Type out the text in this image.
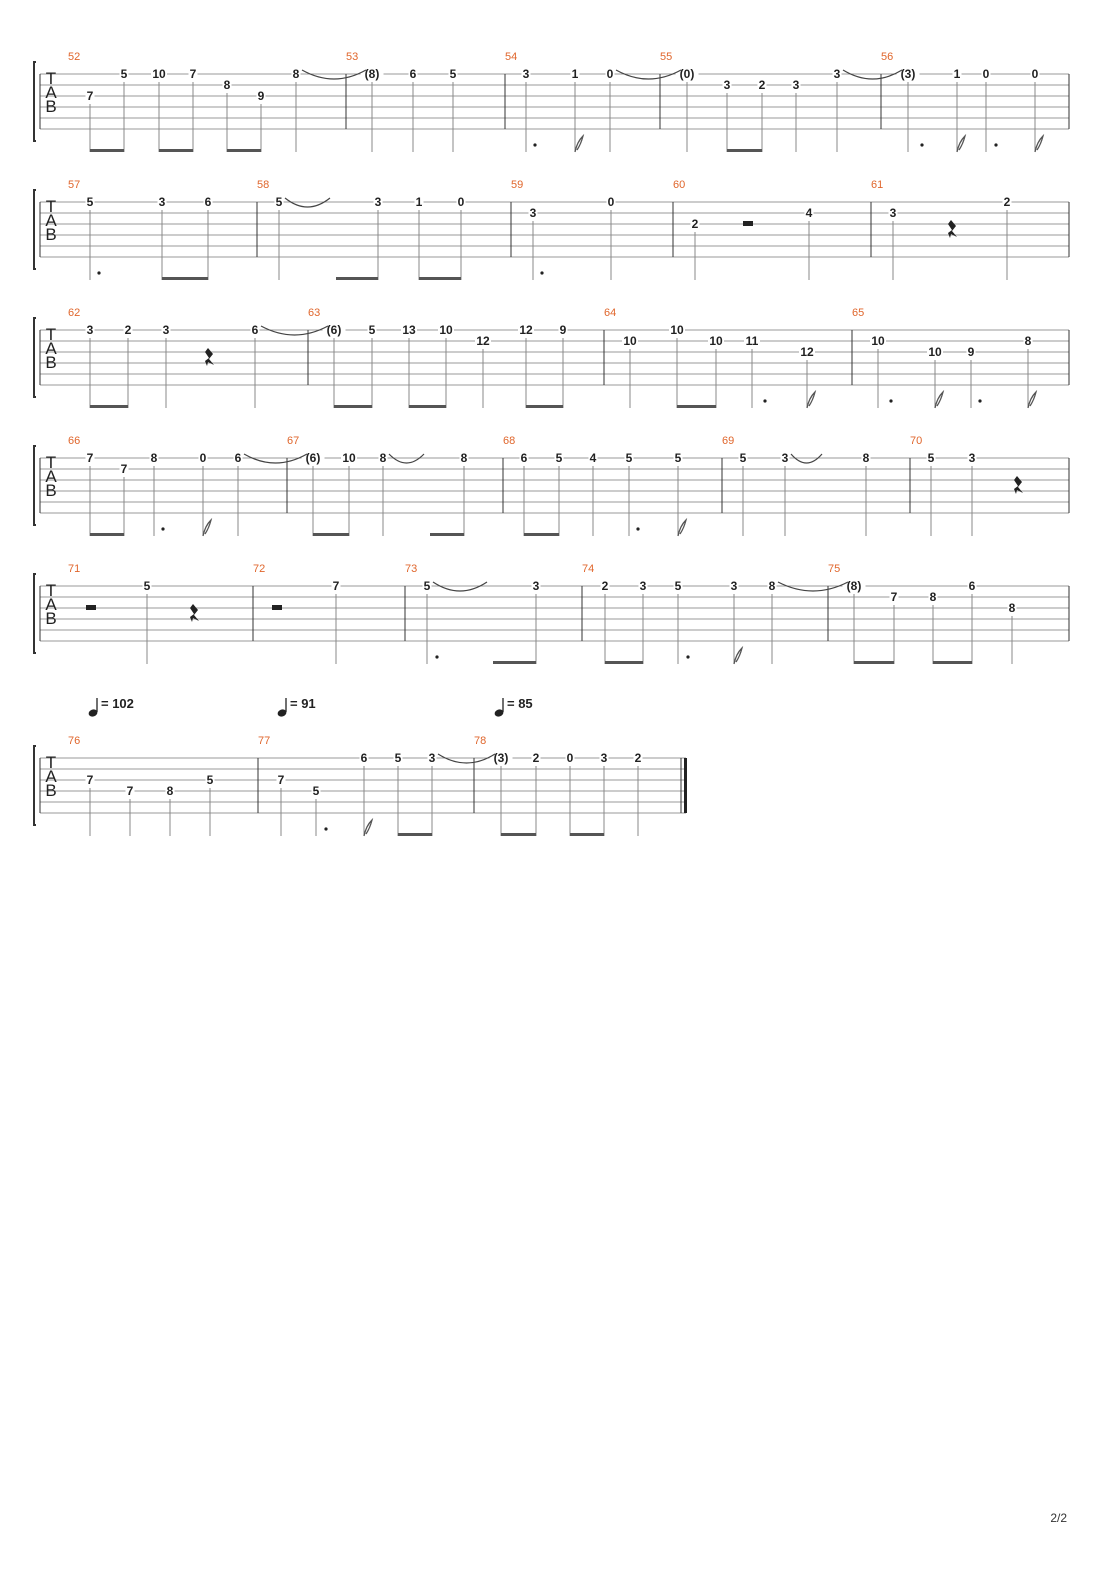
T
A
B
52
7
5 10 7
8
9
8
53
(8)	6	5
54
3	1 0
55
(0)
3 2 3
3
56
(3)	1 0	0
T
A
B
57
5	3	6
58
5	3	1	0
59
3
0
60
2
4
61
3
2
T
A
B
62
3	2	3	6
63
(6) 5 13 10
12
12 9
64
10
10
10 11
12
65
10
10 9
8
T
A
B
66
7
7
8	0 6
67
(6) 10 8	8
68
6 5 4 5	5
69
5	3	8
70
5	3
T
A
B
71
5
72
7
73
5	3
74
2	3 5	3	8
75
(8)
7	8
6
8
T
A
B
76
7
7	8
5
77
7
5
6 5 3
78
(3) 2 0 3 2
= 102	= 91	= 85
2/2
